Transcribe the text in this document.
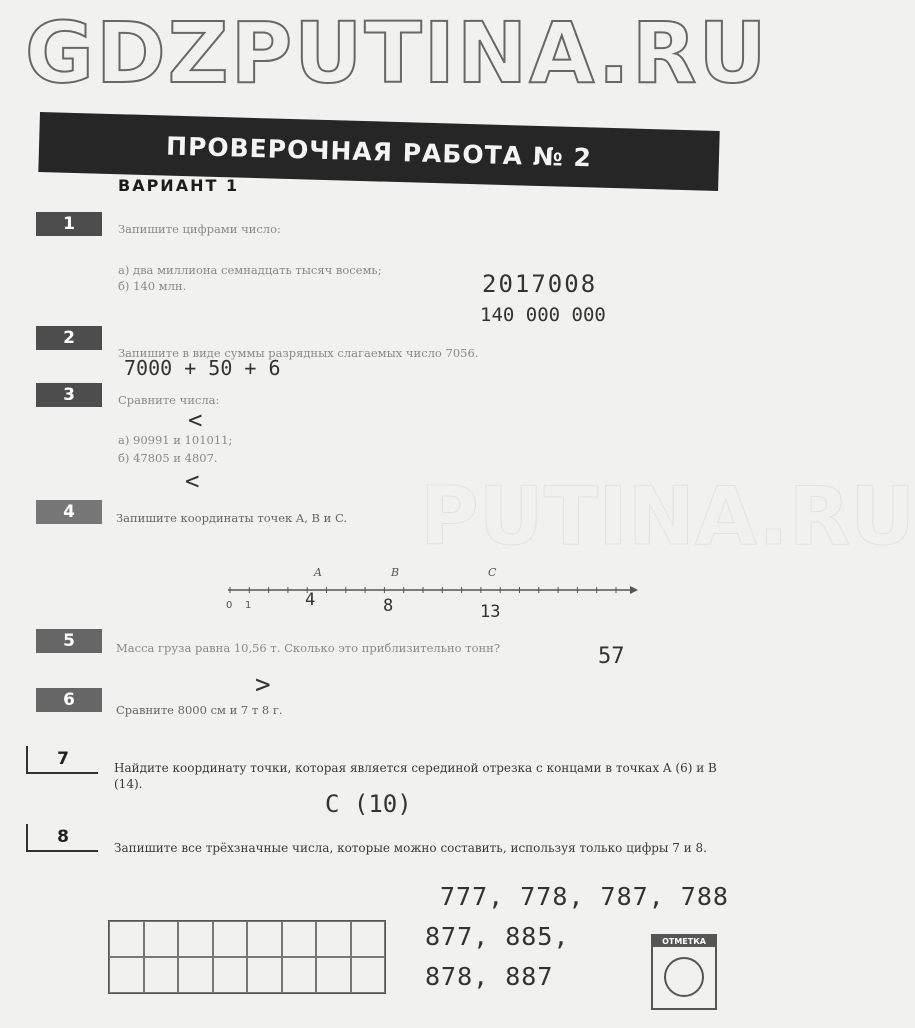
GDZPUTINA.RU
PUTINA.RU
ПРОВЕРОЧНАЯ РАБОТА № 2
ВАРИАНТ 1
1	Запишите цифрами число:
а) два миллиона семнадцать тысяч восемь;
б) 140 млн.	2017008
140 000 000
2
Запишите в виде суммы разрядных слагаемых число 7056.
7000 + 50 + 6
3	Сравните числа:
<
а) 90991 и 101011;
б) 47805 и 4807.
<
4	Запишите координаты точек A, B и C.
A	B	C
0 1	4	8	13
5	Масса груза равна 10,56 т. Сколько это приблизительно тонн?	57
6	>
Сравните 8000 см и 7 т 8 г.
7	Найдите координату точки, которая является серединой отрезка с концами в точках A (6) и B (14).
C (10)
8
Запишите все трёхзначные числа, которые можно составить, используя только цифры 7 и 8.
777, 778, 787, 788
877, 885,
878, 887
ОТМЕТКА
